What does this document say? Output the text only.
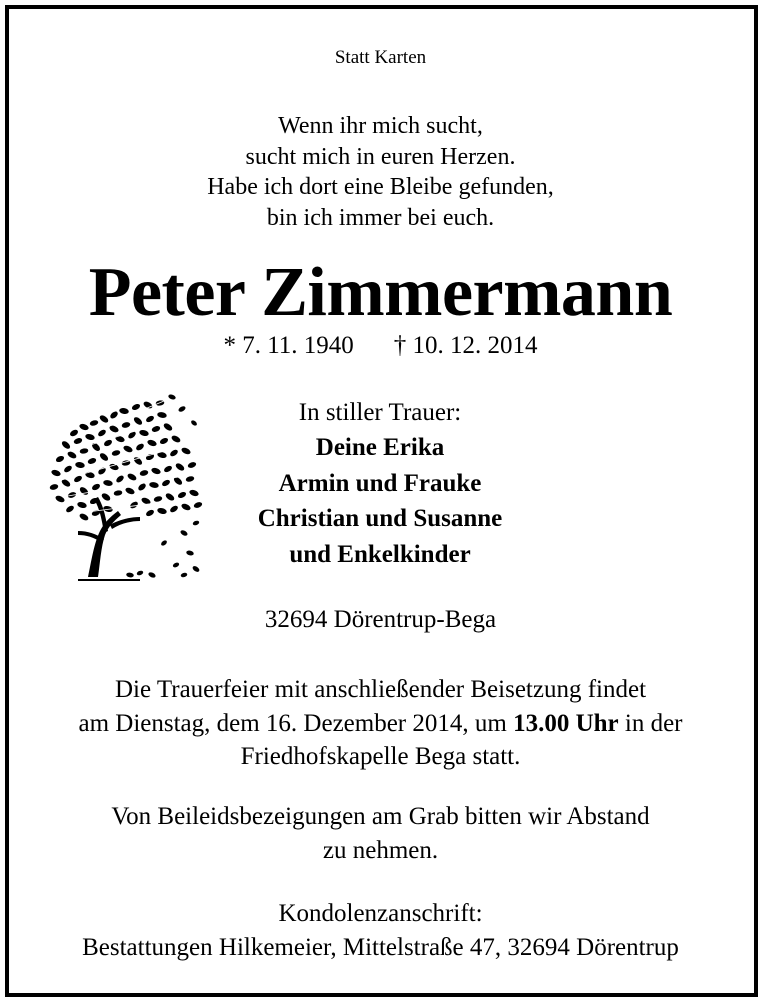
Statt Karten
Wenn ihr mich sucht,
sucht mich in euren Herzen.
Habe ich dort eine Bleibe gefunden,
bin ich immer bei euch.
Peter Zimmermann
* 7. 11. 1940 † 10. 12. 2014
In stiller Trauer:
Deine Erika
Armin und Frauke
Christian und Susanne
und Enkelkinder
32694 Dörentrup-Bega
Die Trauerfeier mit anschließender Beisetzung findet
am Dienstag, dem 16. Dezember 2014, um 13.00 Uhr in der
Friedhofskapelle Bega statt.
Von Beileidsbezeigungen am Grab bitten wir Abstand
zu nehmen.
Kondolenzanschrift:
Bestattungen Hilkemeier, Mittelstraße 47, 32694 Dörentrup
